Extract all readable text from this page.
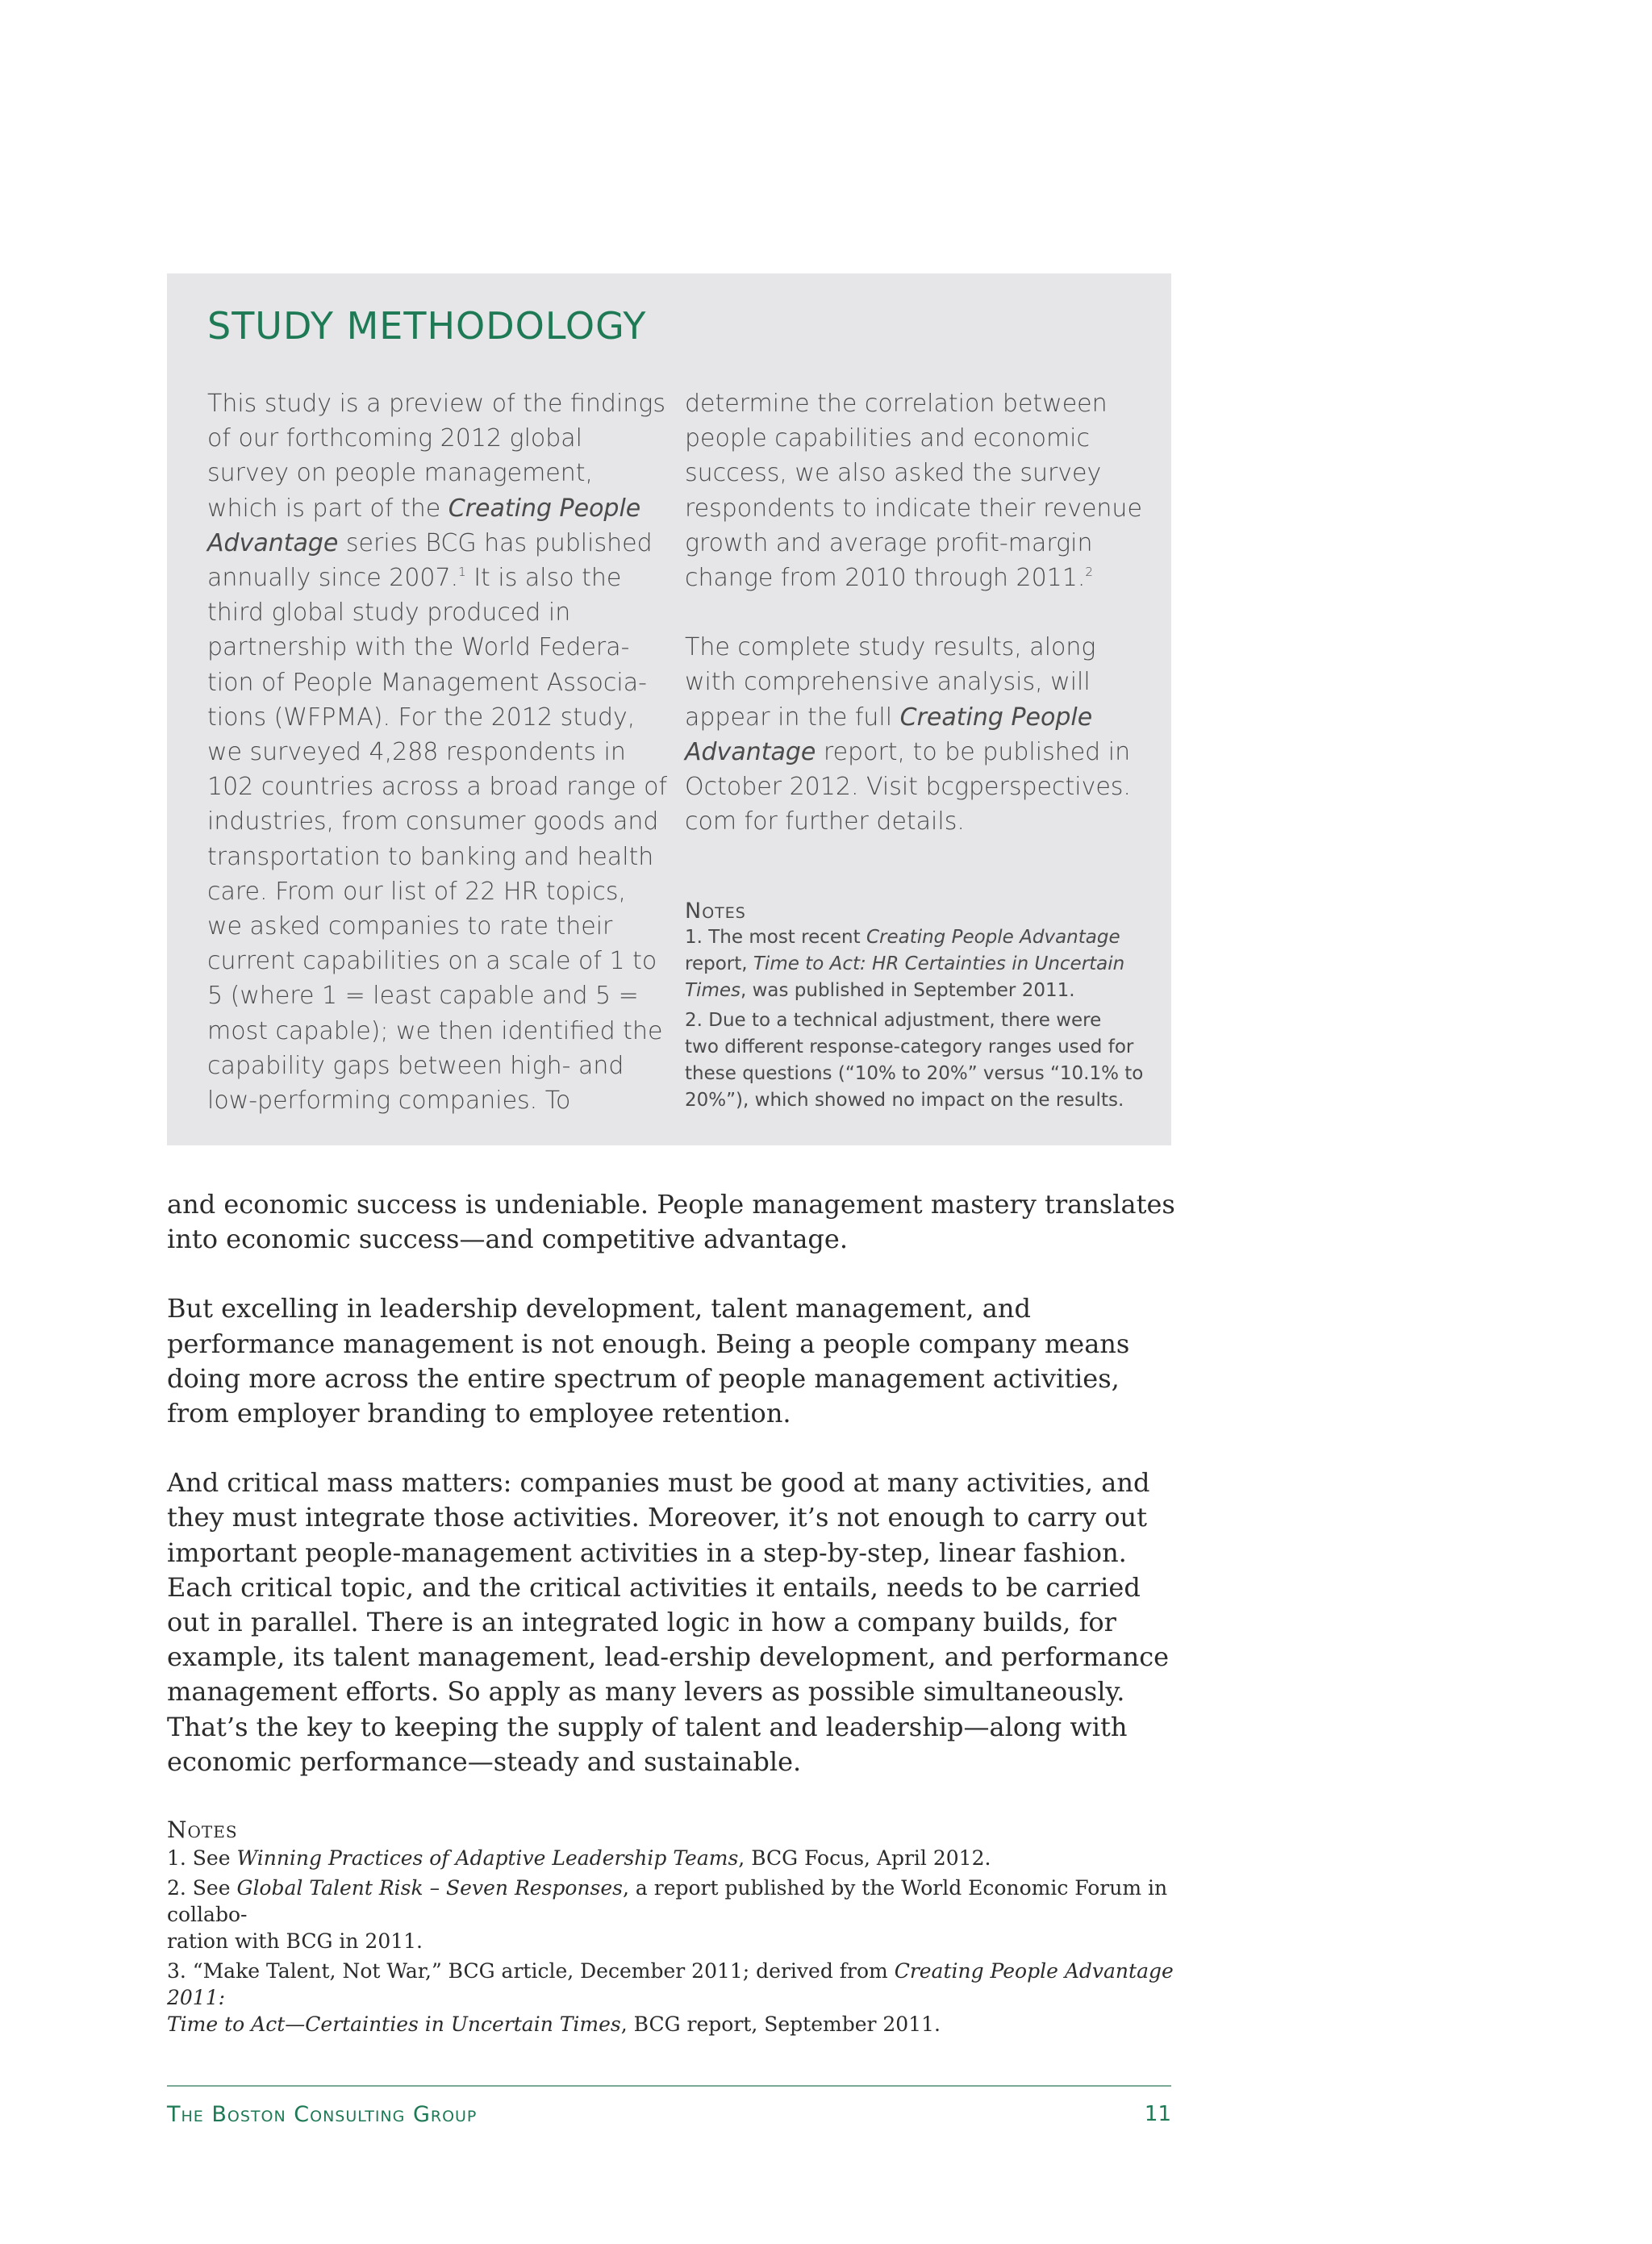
STUDY METHODOLOGY

This study is a preview of the findings
of our forthcoming 2012 global
survey on people management,
which is part of the Creating People
Advantage series BCG has published
annually since 2007.$^1$ It is also the
third global study produced in
partnership with the World Federa-
tion of People Management Associa-
tions (WFPMA). For the 2012 study,
we surveyed 4,288 respondents in
102 countries across a broad range of
industries, from consumer goods and
transportation to banking and health
care. From our list of 22 HR topics,
we asked companies to rate their
current capabilities on a scale of 1 to
5 (where 1 = least capable and 5 =
most capable); we then identified the
capability gaps between high- and
low-performing companies. To

determine the correlation between
people capabilities and economic
success, we also asked the survey
respondents to indicate their revenue
growth and average profit-margin
change from 2010 through 2011.$^2$

The complete study results, along
with comprehensive analysis, will
appear in the full Creating People
Advantage report, to be published in
October 2012. Visit bcgperspectives.
com for further details.

Notes
1. The most recent Creating People Advantage
report, Time to Act: HR Certainties in Uncertain
Times, was published in September 2011.
2. Due to a technical adjustment, there were
two different response-category ranges used for
these questions (“10% to 20%” versus “10.1% to
20%”), which showed no impact on the results.

and economic success is undeniable. People management mastery translates into economic success—and competitive advantage.

But excelling in leadership development, talent management, and performance management is not enough. Being a people company means doing more across the entire spectrum of people management activities, from employer branding to employee retention.

And critical mass matters: companies must be good at many activities, and they must integrate those activities. Moreover, it’s not enough to carry out important people-management activities in a step-by-step, linear fashion. Each critical topic, and the critical activities it entails, needs to be carried out in parallel. There is an integrated logic in how a company builds, for example, its talent management, lead-ership development, and performance management efforts. So apply as many levers as possible simultaneously. That’s the key to keeping the supply of talent and leadership—along with economic performance—steady and sustainable.

Notes
1. See Winning Practices of Adaptive Leadership Teams, BCG Focus, April 2012.
2. See Global Talent Risk – Seven Responses, a report published by the World Economic Forum in collabo-
ration with BCG in 2011.
3. “Make Talent, Not War,” BCG article, December 2011; derived from Creating People Advantage 2011:
Time to Act—Certainties in Uncertain Times, BCG report, September 2011.
The Boston Consulting Group	11
